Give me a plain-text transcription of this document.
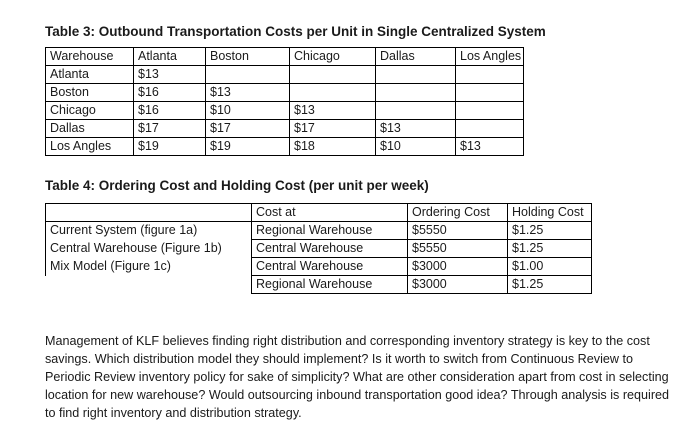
Table 3: Outbound Transportation Costs per Unit in Single Centralized System
Warehouse	Atlanta	Boston	Chicago	Dallas	Los Angles
Atlanta	$13				
Boston	$16	$13			
Chicago	$16	$10	$13		
Dallas	$17	$17	$17	$13	
Los Angles	$19	$19	$18	$10	$13
Table 4: Ordering Cost and Holding Cost (per unit per week)
	Cost at	Ordering Cost	Holding Cost
Current System (figure 1a)	Regional Warehouse	$5550	$1.25
Central Warehouse (Figure 1b)	Central Warehouse	$5550	$1.25
Mix Model (Figure 1c)	Central Warehouse	$3000	$1.00
	Regional Warehouse	$3000	$1.25
Management of KLF believes finding right distribution and corresponding inventory strategy is key to the cost savings. Which distribution model they should implement? Is it worth to switch from Continuous Review to Periodic Review inventory policy for sake of simplicity? What are other consideration apart from cost in selecting location for new warehouse? Would outsourcing inbound transportation good idea? Through analysis is required to find right inventory and distribution strategy.
